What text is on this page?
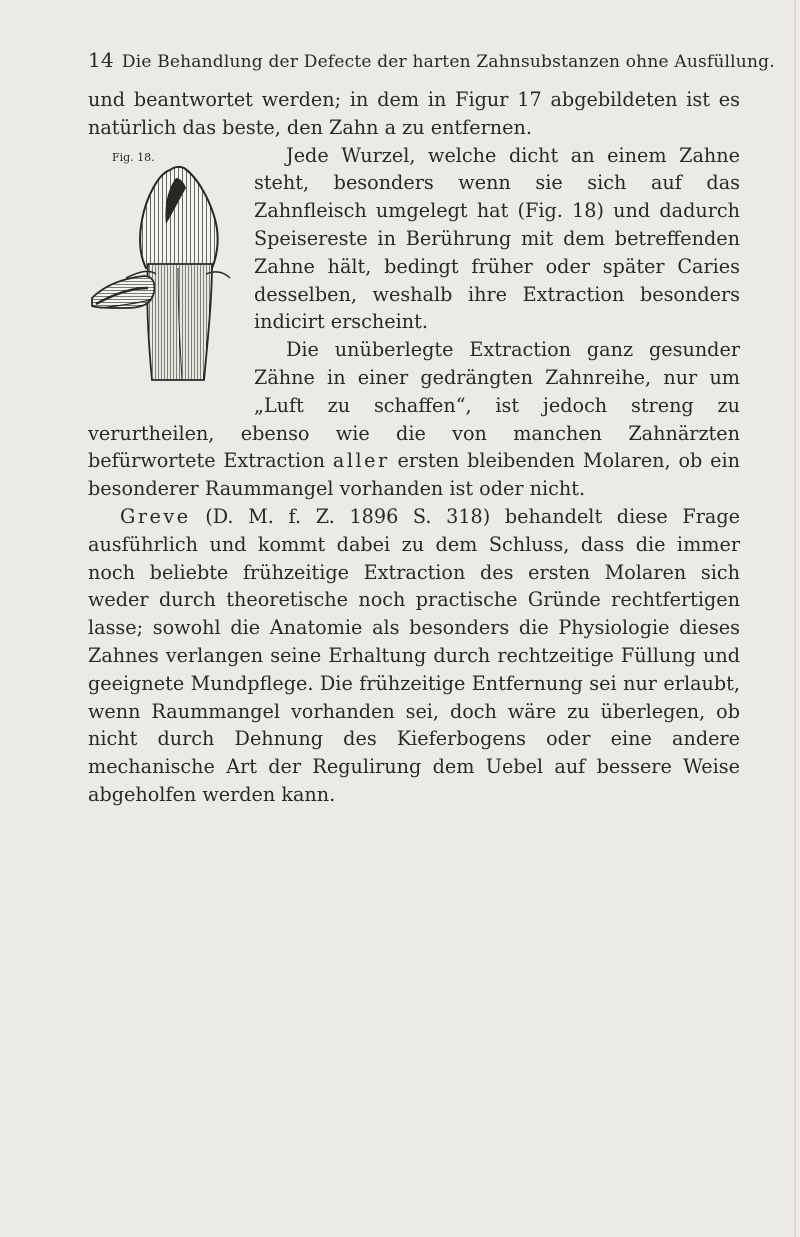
14 Die Behandlung der Defecte der harten Zahnsubstanzen ohne Ausfüllung.

und beantwortet werden; in dem in Figur 17 abgebildeten ist es natürlich das beste, den Zahn a zu entfernen.

Fig. 18.	Jede Wurzel, welche dicht an einem Zahne steht, besonders wenn sie sich auf das Zahnfleisch umgelegt hat (Fig. 18) und dadurch Speisereste in Berührung mit dem betreffenden Zahne hält, bedingt früher oder später Caries desselben, weshalb ihre Extraction besonders indicirt erscheint.

Die unüberlegte Extraction ganz gesunder Zähne in einer gedrängten Zahnreihe, nur um „Luft zu schaffen“, ist jedoch streng zu verurtheilen, ebenso wie die von manchen Zahnärzten befürwortete Extraction aller ersten bleibenden Molaren, ob ein besonderer Raummangel vorhanden ist oder nicht.

Greve (D. M. f. Z. 1896 S. 318) behandelt diese Frage ausführlich und kommt dabei zu dem Schluss, dass die immer noch beliebte frühzeitige Extraction des ersten Molaren sich weder durch theoretische noch practische Gründe rechtfertigen lasse; sowohl die Anatomie als besonders die Physiologie dieses Zahnes verlangen seine Erhaltung durch rechtzeitige Füllung und geeignete Mundpflege. Die frühzeitige Entfernung sei nur erlaubt, wenn Raummangel vorhanden sei, doch wäre zu überlegen, ob nicht durch Dehnung des Kieferbogens oder eine andere mechanische Art der Regulirung dem Uebel auf bessere Weise abgeholfen werden kann.
